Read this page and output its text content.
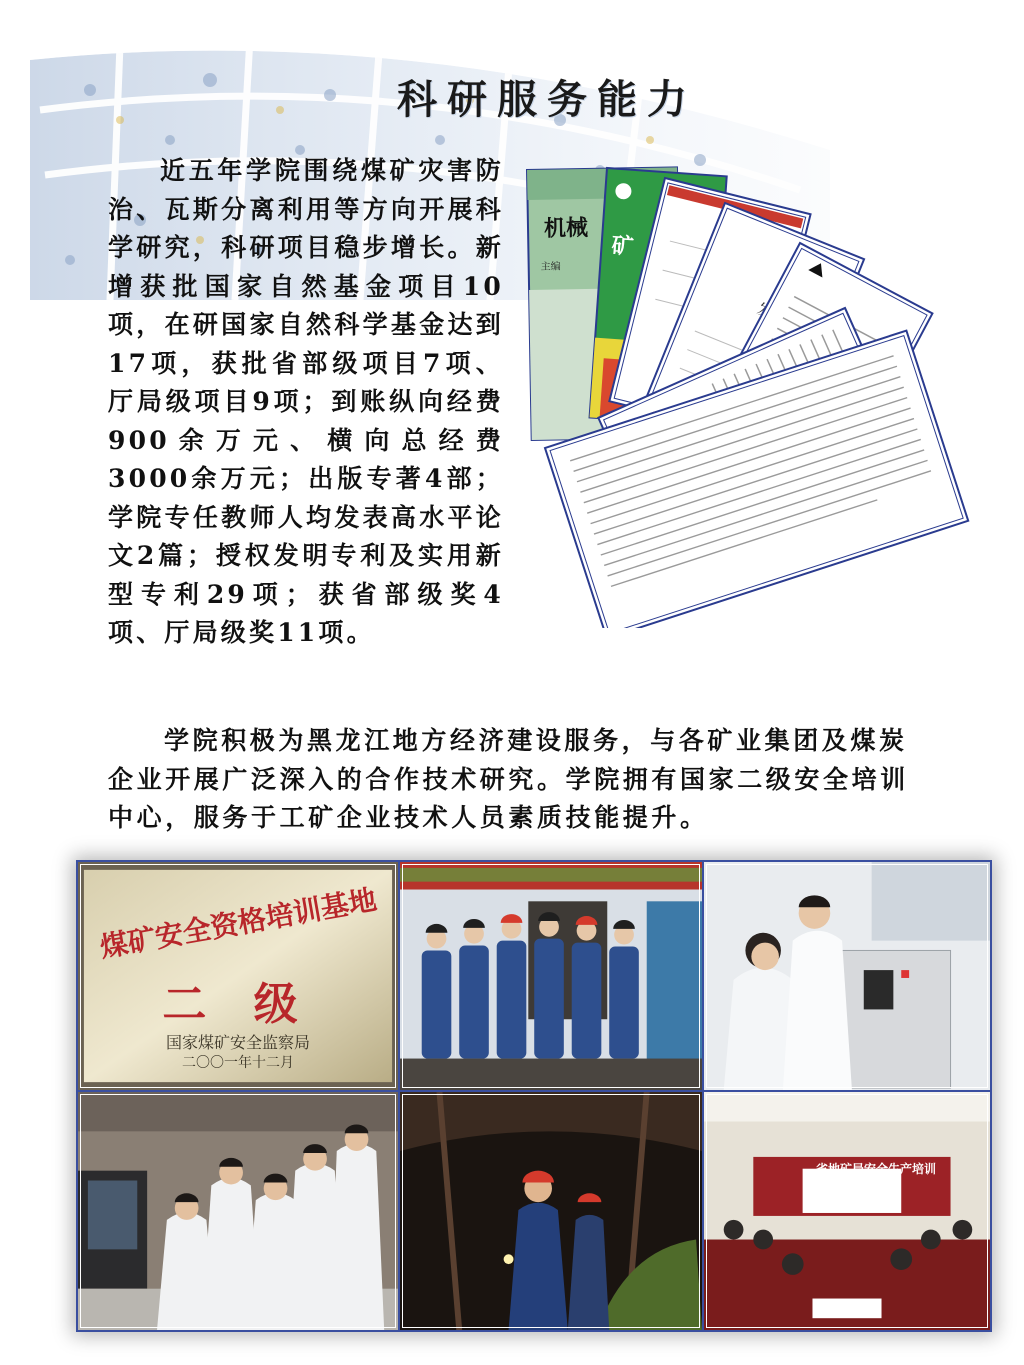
科研服务能力

近五年学院围绕煤矿灾害防治、瓦斯分离利用等方向开展科学研究，科研项目稳步增长。新增获批国家自然基金项目10项，在研国家自然科学基金达到17项，获批省部级项目7项、厅局级项目9项；到账纵向经费900余万元、横向总经费3000余万元；出版专著4部；学院专任教师人均发表高水平论文2篇；授权发明专利及实用新型专利29项；获省部级奖4项、厅局级奖11项。

机械
主编
矿

学院积极为黑龙江地方经济建设服务，与各矿业集团及煤炭企业开展广泛深入的合作技术研究。学院拥有国家二级安全培训中心，服务于工矿企业技术人员素质技能提升。

煤矿安全资格培训基地
二 级
国家煤矿安全监察局
二〇〇一年十二月
省地矿局安全生产培训
